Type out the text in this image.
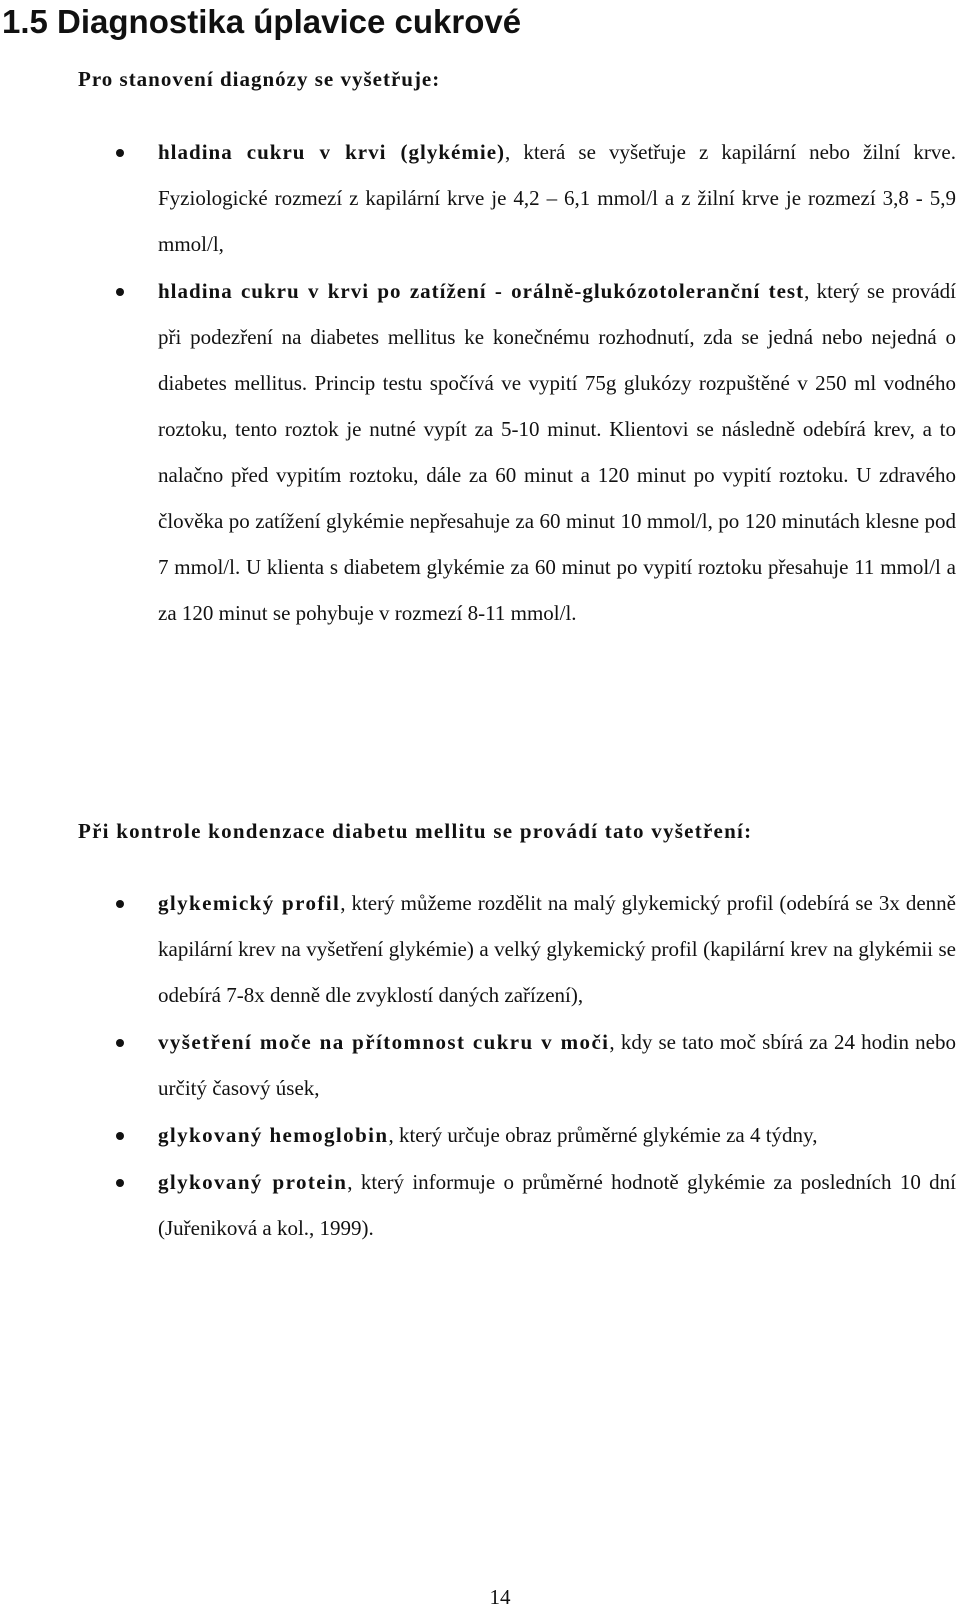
1.5 Diagnostika úplavice cukrové

Pro stanovení diagnózy se vyšetřuje:

hladina cukru v krvi (glykémie), která se vyšetřuje z kapilární nebo žilní krve. Fyziologické rozmezí z kapilární krve je 4,2 – 6,1 mmol/l a z žilní krve je rozmezí 3,8 - 5,9 mmol/l,
hladina cukru v krvi po zatížení - orálně-glukózotoleranční test, který se provádí při podezření na diabetes mellitus ke konečnému rozhodnutí, zda se jedná nebo nejedná o diabetes mellitus. Princip testu spočívá ve vypití 75g glukózy rozpuštěné v 250 ml vodného roztoku, tento roztok je nutné vypít za 5-10 minut. Klientovi se následně odebírá krev, a to nalačno před vypitím roztoku, dále za 60 minut a 120 minut po vypití roztoku. U zdravého člověka po zatížení glykémie nepřesahuje za 60 minut 10 mmol/l, po 120 minutách klesne pod 7 mmol/l. U klienta s diabetem glykémie za 60 minut po vypití roztoku přesahuje 11 mmol/l a za 120 minut se pohybuje v rozmezí 8-11 mmol/l.

Při kontrole kondenzace diabetu mellitu se provádí tato vyšetření:

glykemický profil, který můžeme rozdělit na malý glykemický profil (odebírá se 3x denně kapilární krev na vyšetření glykémie) a velký glykemický profil (kapilární krev na glykémii se odebírá 7-8x denně dle zvyklostí daných zařízení),
vyšetření moče na přítomnost cukru v moči, kdy se tato moč sbírá za 24 hodin nebo určitý časový úsek,
glykovaný hemoglobin, který určuje obraz průměrné glykémie za 4 týdny,
glykovaný protein, který informuje o průměrné hodnotě glykémie za posledních 10 dní (Juřeniková a kol., 1999).

14
